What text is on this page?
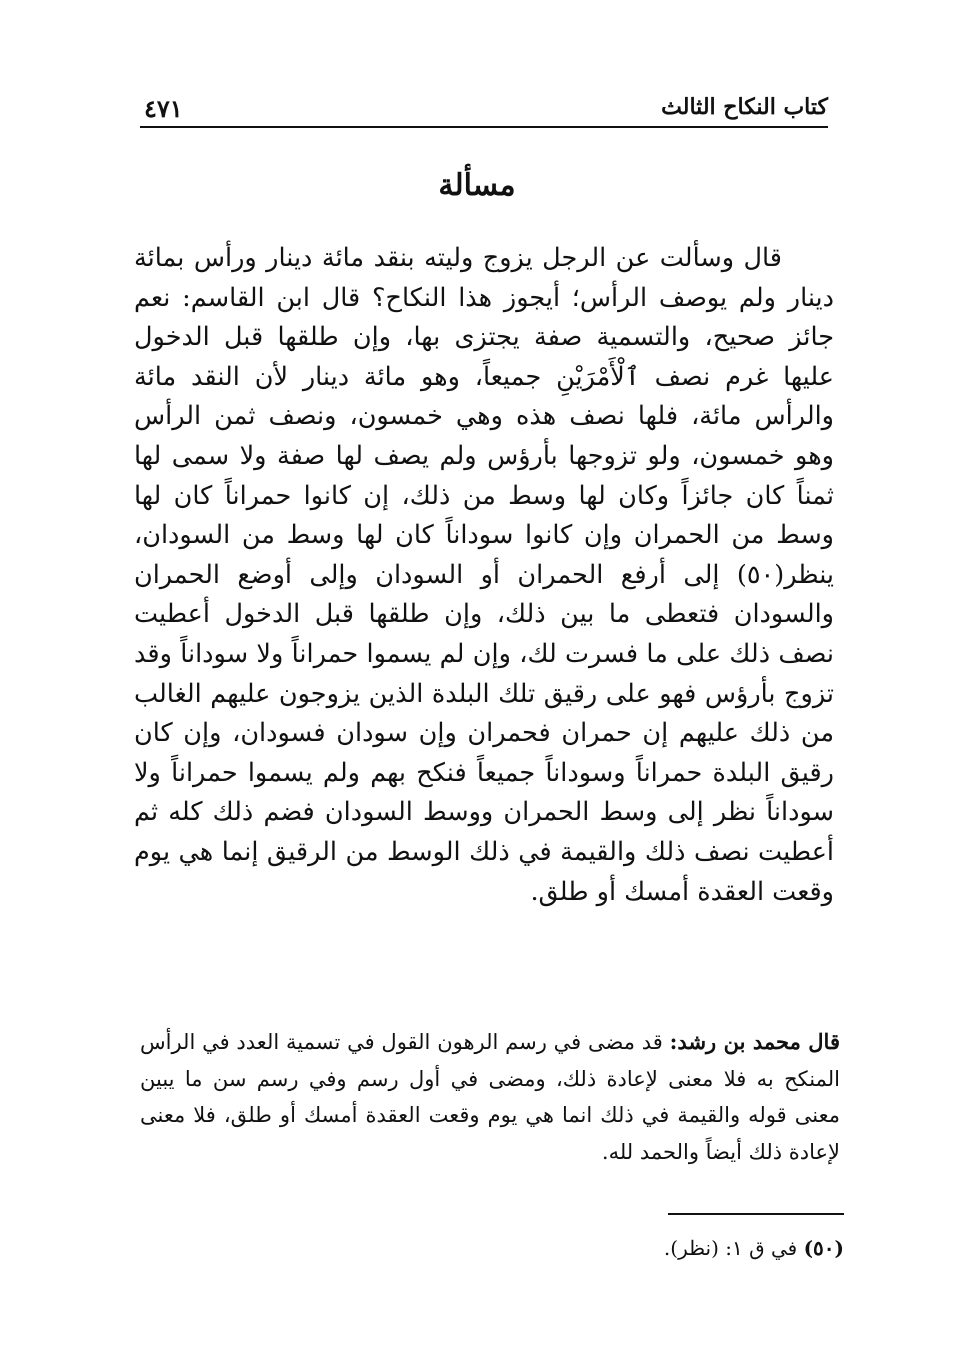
كتاب النكاح الثالث
٤٧١
مسألة

قال وسألت عن الرجل يزوج وليته بنقد مائة دينار ورأس بمائة دينار ولم يوصف الرأس؛ أيجوز هذا النكاح؟ قال ابن القاسم: نعم جائز صحيح، والتسمية صفة يجتزى بها، وإن طلقها قبل الدخول عليها غرم نصف ٱلْأَمْرَيْنِ جميعاً، وهو مائة دينار لأن النقد مائة والرأس مائة، فلها نصف هذه وهي خمسون، ونصف ثمن الرأس وهو خمسون، ولو تزوجها بأرؤس ولم يصف لها صفة ولا سمى لها ثمناً كان جائزاً وكان لها وسط من ذلك، إن كانوا حمراناً كان لها وسط من الحمران وإن كانوا سوداناً كان لها وسط من السودان، ينظر(٥٠) إلى أرفع الحمران أو السودان وإلى أوضع الحمران والسودان فتعطى ما بين ذلك، وإن طلقها قبل الدخول أعطيت نصف ذلك على ما فسرت لك، وإن لم يسموا حمراناً ولا سوداناً وقد تزوج بأرؤس فهو على رقيق تلك البلدة الذين يزوجون عليهم الغالب من ذلك عليهم إن حمران فحمران وإن سودان فسودان، وإن كان رقيق البلدة حمراناً وسوداناً جميعاً فنكح بهم ولم يسموا حمراناً ولا سوداناً نظر إلى وسط الحمران ووسط السودان فضم ذلك كله ثم أعطيت نصف ذلك والقيمة في ذلك الوسط من الرقيق إنما هي يوم وقعت العقدة أمسك أو طلق.

قال محمد بن رشد: قد مضى في رسم الرهون القول في تسمية العدد في الرأس المنكح به فلا معنى لإعادة ذلك، ومضى في أول رسم وفي رسم سن ما يبين معنى قوله والقيمة في ذلك انما هي يوم وقعت العقدة أمسك أو طلق، فلا معنى لإعادة ذلك أيضاً والحمد لله.

(٥٠) في ق ١: (نظر).
